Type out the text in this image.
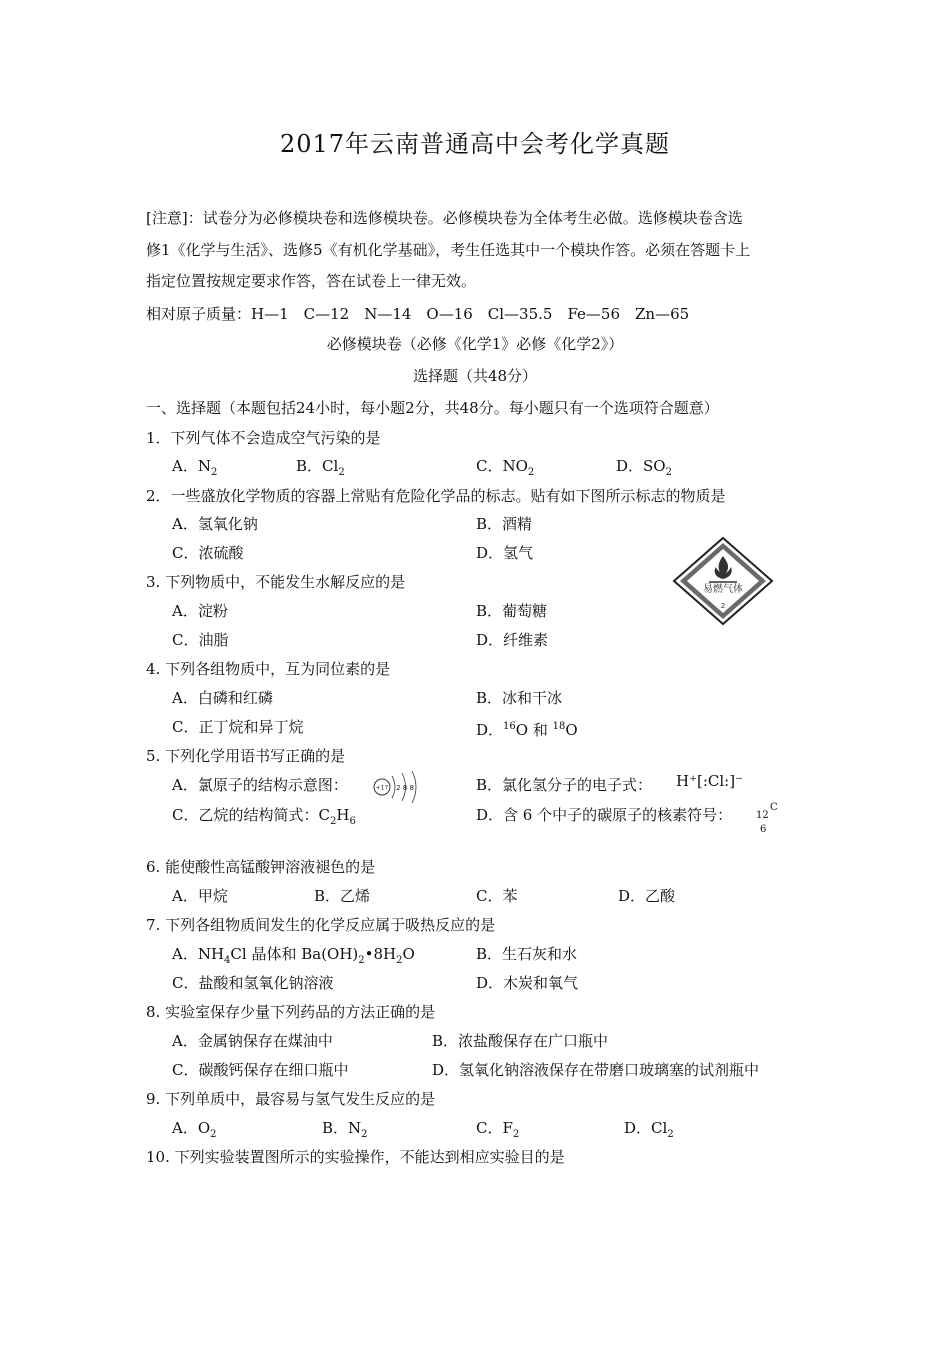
2017年云南普通高中会考化学真题
[注意]：试卷分为必修模块卷和选修模块卷。必修模块卷为全体考生必做。选修模块卷含选
修1《化学与生活》、选修5《有机化学基础》，考生任选其中一个模块作答。必须在答题卡上
指定位置按规定要求作答，答在试卷上一律无效。
相对原子质量：H—1　C—12　N—14　O—16　Cl—35.5　Fe—56　Zn—65
必修模块卷（必修《化学1》必修《化学2》）
选择题（共48分）
一、选择题（本题包括24小时，每小题2分，共48分。每小题只有一个选项符合题意）
1．下列气体不会造成空气污染的是
A．$N_2$	B．$Cl_2$	C．$NO_2$	D．$SO_2$
2．一些盛放化学物质的容器上常贴有危险化学品的标志。贴有如下图所示标志的物质是
A．氢氧化钠	B．酒精
C．浓硫酸	D．氢气
易燃气体
2
3. 下列物质中，不能发生水解反应的是
A．淀粉	B．葡萄糖
C．油脂	D．纤维素
4. 下列各组物质中，互为同位素的是
A．白磷和红磷	B．冰和干冰
C．正丁烷和异丁烷	D．$^{16}$O 和 $^{18}$O
5. 下列化学用语书写正确的是
A．氯原子的结构示意图：	+17 2 8 8	B．氯化氢分子的电子式： H⁺[:Cl:]⁻
C．乙烷的结构简式：$C_2H_6$	D．含 6 个中子的碳原子的核素符号： 12
C
6
6. 能使酸性高锰酸钾溶液褪色的是
A．甲烷	B．乙烯	C．苯	D．乙酸
7. 下列各组物质间发生的化学反应属于吸热反应的是
A．$NH_4Cl$ 晶体和 $Ba(OH)_2•8H_2O$	B．生石灰和水
C．盐酸和氢氧化钠溶液	D．木炭和氧气
8. 实验室保存少量下列药品的方法正确的是
A．金属钠保存在煤油中	B．浓盐酸保存在广口瓶中
C．碳酸钙保存在细口瓶中	D．氢氧化钠溶液保存在带磨口玻璃塞的试剂瓶中
9. 下列单质中，最容易与氢气发生反应的是
A．$O_2$	B．$N_2$	C．$F_2$	D．$Cl_2$
10. 下列实验装置图所示的实验操作，不能达到相应实验目的是
